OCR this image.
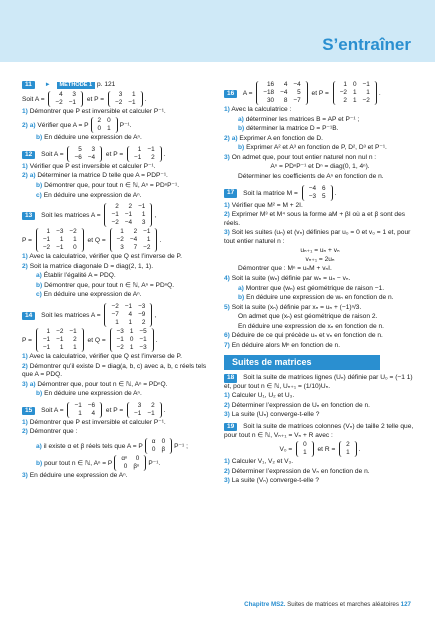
S’entraîner
11 ► MÉTHODE 1 p. 121
Soit A =
4	3
−2	−1 et P =
3	1
−2	−1 .
1) Démontrer que P est inversible et calculer P⁻¹.
2) a) Vérifier que A = P
2	0
0	1 P⁻¹.
b) En déduire une expression de Aⁿ.
12 Soit A =
5	3
−6	−4 et P =
1	−1
−1	2 .
1) Vérifier que P est inversible et calculer P⁻¹.
2) a) Déterminer la matrice D telle que A = PDP⁻¹.
b) Démontrer que, pour tout n ∈ ℕ, Aⁿ = PDⁿP⁻¹.
c) En déduire une expression de Aⁿ.
13 Soit les matrices A =
2	2	−1
−1	−1	1
−2	−4	3
,
P =
1	−3	−2
−1	1	1
−2	−1	0
et Q =
1	2	−1
−2	−4	1
3	7	−2
.
1) Avec la calculatrice, vérifier que Q est l’inverse de P.
2) Soit la matrice diagonale D = diag(2, 1, 1).
a) Établir l’égalité A = PDQ.
b) Démontrer que, pour tout n ∈ ℕ, Aⁿ = PDⁿQ.
c) En déduire une expression de Aⁿ.
14 Soit les matrices A =
−2	−1	−3
−7	4	−9
1	1	2
,
P =
1	−2	−1
−1	−1	2
−1	1	1
et Q =
−3	1	−5
−1	0	−1
−2	1	−3
.
1) Avec la calculatrice, vérifier que Q est l’inverse de P.
2) Démontrer qu’il existe D = diag(a, b, c) avec a, b, c réels tels que A = PDQ.
3) a) Démontrer que, pour tout n ∈ ℕ, Aⁿ = PDⁿQ.
b) En déduire une expression de Aⁿ.
15 Soit A =
−1	−6
1	4 et P =
3	2
−1	−1 .
1) Démontrer que P est inversible et calculer P⁻¹.
2) Démontrer que :
a) il existe α et β réels tels que A = P
α	0
0	β P⁻¹ ;
b) pour tout n ∈ ℕ, Aⁿ = P
αⁿ	0
0	βⁿ P⁻¹.
3) En déduire une expression de Aⁿ.
16 A =
16	4	−4
−18	−4	5
30	8	−7
et P =
1	0	−1
−2	1	1
2	1	−2
.
1) Avec la calculatrice :
a) déterminer les matrices B = AP et P⁻¹ ;
b) déterminer la matrice D = P⁻¹B.
2) a) Exprimer A en fonction de D.
b) Exprimer A² et A³ en fonction de P, D², D³ et P⁻¹.
3) On admet que, pour tout entier naturel non nul n :
Aⁿ = PDⁿP⁻¹ et Dⁿ = diag(0, 1, 4ⁿ).
Déterminer les coefficients de Aⁿ en fonction de n.
17 Soit la matrice M =
−4	6
−3	5 .
1) Vérifier que M² = M + 2I.
2) Exprimer M³ et M⁴ sous la forme aM + βI où a et β sont des réels.
3) Soit les suites (uₙ) et (vₙ) définies par u₀ = 0 et v₀ = 1 et, pour tout entier naturel n :
uₙ₊₁ = uₙ + vₙ
vₙ₊₁ = 2uₙ
Démontrer que : Mⁿ = uₙM + vₙI.
4) Soit la suite (wₙ) définie par wₙ = uₙ − vₙ.
a) Montrer que (wₙ) est géométrique de raison −1.
b) En déduire une expression de wₙ en fonction de n.
5) Soit la suite (xₙ) définie par xₙ = uₙ + (−1)ⁿ/3.
On admet que (xₙ) est géométrique de raison 2.
En déduire une expression de xₙ en fonction de n.
6) Déduire de ce qui précède uₙ et vₙ en fonction de n.
7) En déduire alors Mⁿ en fonction de n.
Suites de matrices
18 Soit la suite de matrices lignes (Uₙ) définie par U₀ = (−1 1) et, pour tout n ∈ ℕ, Uₙ₊₁ = (1/10)Uₙ.
1) Calculer U₁, U₂ et U₃.
2) Déterminer l’expression de Uₙ en fonction de n.
3) La suite (Uₙ) converge-t-elle ?
19 Soit la suite de matrices colonnes (Vₙ) de taille 2 telle que, pour tout n ∈ ℕ, Vₙ₊₁ = Vₙ + R avec :
V₀ =
0
1 et R =
2
1 .
1) Calculer V₁, V₂ et V₃.
2) Déterminer l’expression de Vₙ en fonction de n.
3) La suite (Vₙ) converge-t-elle ?
Chapitre MS2. Suites de matrices et marches aléatoires 127
